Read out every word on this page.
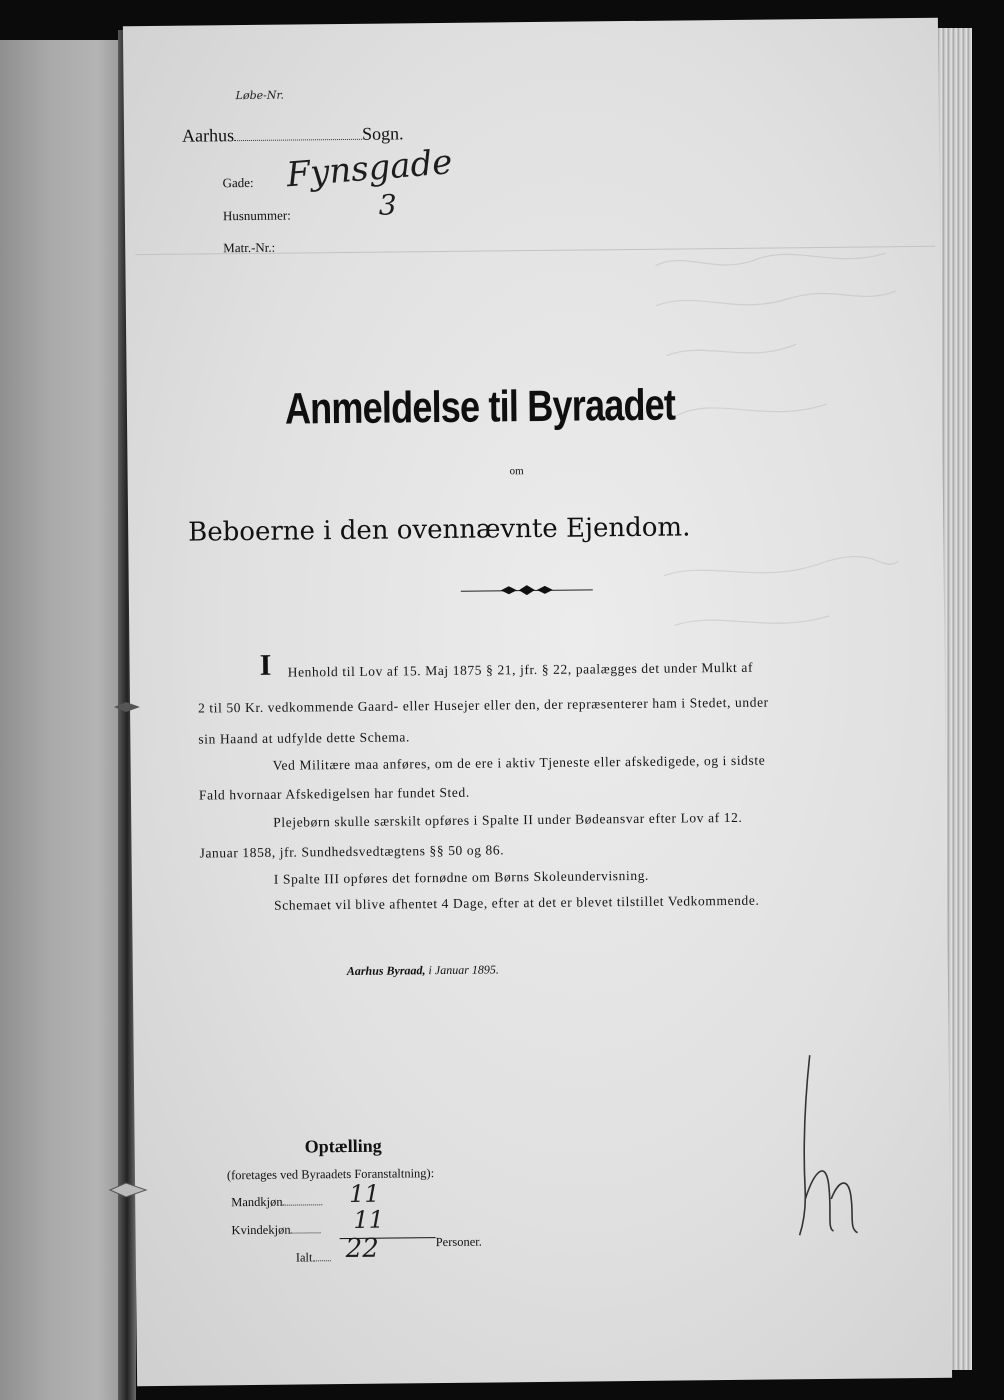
Løbe-Nr.
Aarhus	Sogn.
Gade: Fynsgade
Husnummer:	3
Matr.-Nr.:
Anmeldelse til Byraadet
om
Beboerne i den ovennævnte Ejendom.
I Henhold til Lov af 15. Maj 1875 § 21, jfr. § 22, paalægges det under Mulkt af
2 til 50 Kr. vedkommende Gaard- eller Husejer eller den, der repræsenterer ham i Stedet, under
sin Haand at udfylde dette Schema.
Ved Militære maa anføres, om de ere i aktiv Tjeneste eller afskedigede, og i sidste
Fald hvornaar Afskedigelsen har fundet Sted.
Plejebørn skulle særskilt opføres i Spalte II under Bødeansvar efter Lov af 12.
Januar 1858, jfr. Sundhedsvedtægtens §§ 50 og 86.
I Spalte III opføres det fornødne om Børns Skoleundervisning.
Schemaet vil blive afhentet 4 Dage, efter at det er blevet tilstillet Vedkommende.
Aarhus Byraad, i Januar 1895.
Optælling
(foretages ved Byraadets Foranstaltning):
Mandkjøn	11
Kvindekjøn	11
Ialt	22	Personer.
